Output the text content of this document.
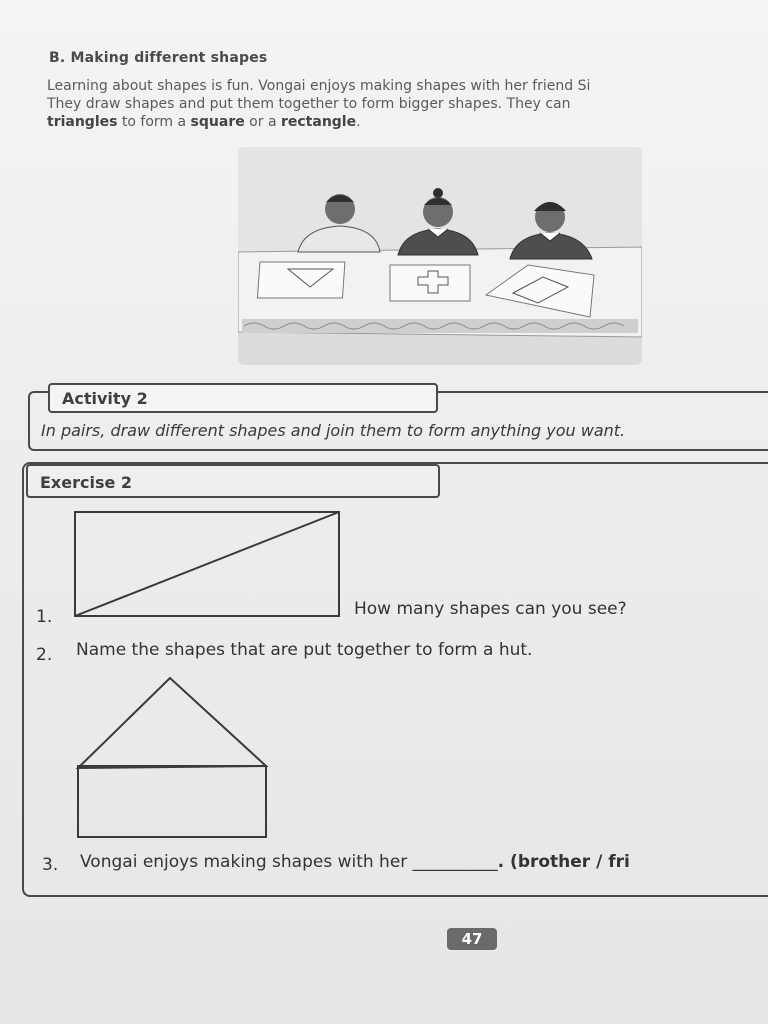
B. Making different shapes
Learning about shapes is fun. Vongai enjoys making shapes with her friend Si
They draw shapes and put them together to form bigger shapes. They can
triangles to form a square or a rectangle.
Activity 2
In pairs, draw different shapes and join them to form anything you want.
Exercise 2
1.	How many shapes can you see?
2. Name the shapes that are put together to form a hut.
3. Vongai enjoys making shapes with her __________. (brother / fri
47
